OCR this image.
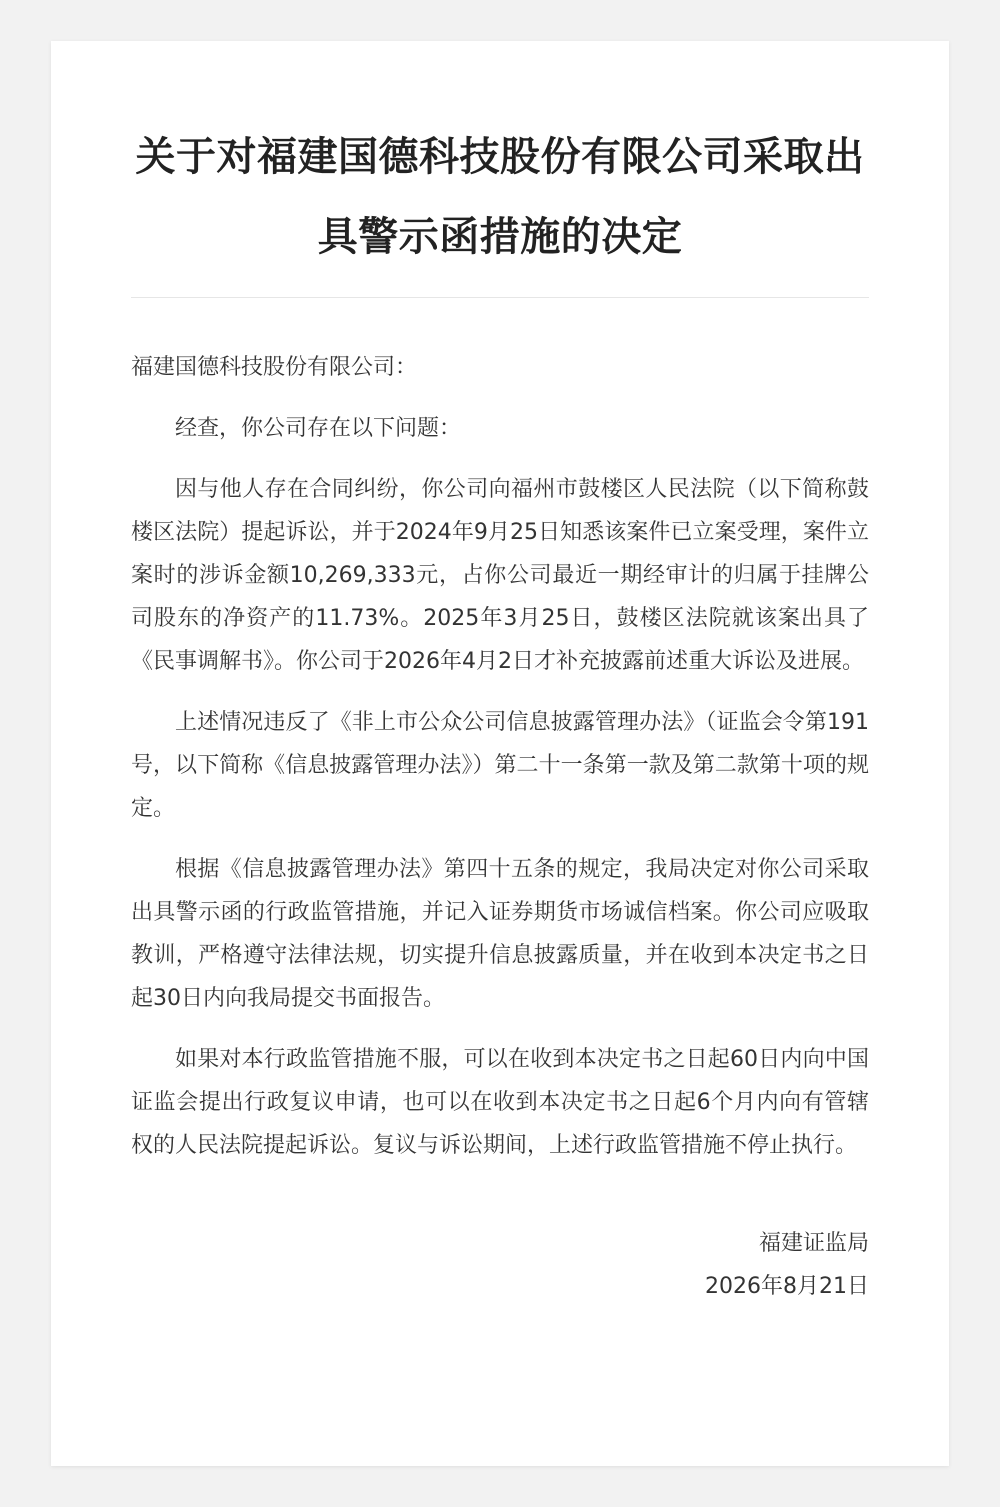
关于对福建国德科技股份有限公司采取出具警示函措施的决定

福建国德科技股份有限公司：

经查，你公司存在以下问题：

因与他人存在合同纠纷，你公司向福州市鼓楼区人民法院（以下简称鼓楼区法院）提起诉讼，并于2024年9月25日知悉该案件已立案受理，案件立案时的涉诉金额10,269,333元，占你公司最近一期经审计的归属于挂牌公司股东的净资产的11.73%。2025年3月25日，鼓楼区法院就该案出具了《民事调解书》。你公司于2026年4月2日才补充披露前述重大诉讼及进展。

上述情况违反了《非上市公众公司信息披露管理办法》（证监会令第191号，以下简称《信息披露管理办法》）第二十一条第一款及第二款第十项的规定。

根据《信息披露管理办法》第四十五条的规定，我局决定对你公司采取出具警示函的行政监管措施，并记入证券期货市场诚信档案。你公司应吸取教训，严格遵守法律法规，切实提升信息披露质量，并在收到本决定书之日起30日内向我局提交书面报告。

如果对本行政监管措施不服，可以在收到本决定书之日起60日内向中国证监会提出行政复议申请，也可以在收到本决定书之日起6个月内向有管辖权的人民法院提起诉讼。复议与诉讼期间，上述行政监管措施不停止执行。

福建证监局
2026年8月21日
